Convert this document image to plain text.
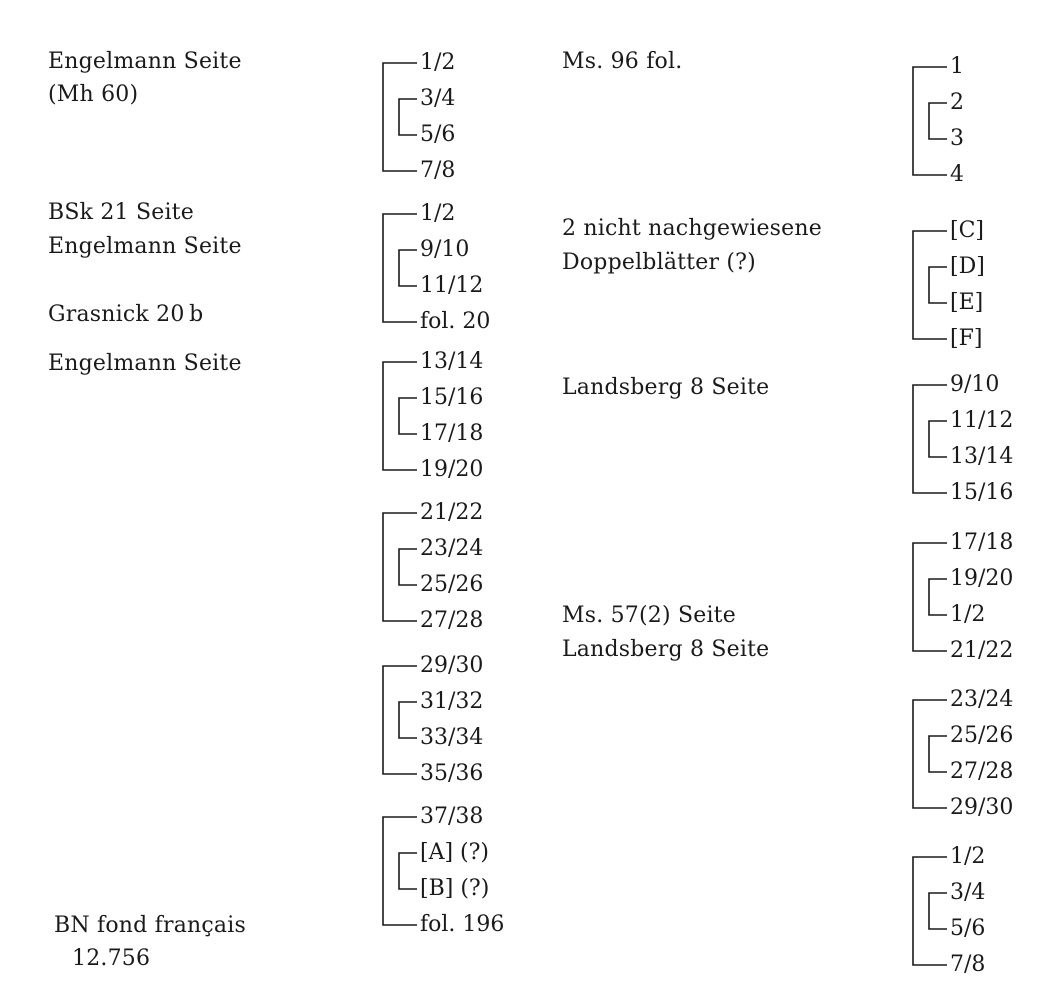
Engelmann Seite
(Mh 60)
BSk 21 Seite
Engelmann Seite
Grasnick 20 b
Engelmann Seite
BN fond français
12.756
Ms. 96 fol.
2 nicht nachgewiesene
Doppelblätter (?)
Landsberg 8 Seite
Ms. 57(2) Seite
Landsberg 8 Seite
1/2
3/4
5/6
7/8
1/2
9/10
11/12
fol. 20
13/14
15/16
17/18
19/20
21/22
23/24
25/26
27/28
29/30
31/32
33/34
35/36
37/38
[A] (?)
[B] (?)
fol. 196
1
2
3
4
[C]
[D]
[E]
[F]
9/10
11/12
13/14
15/16
17/18
19/20
1/2
21/22
23/24
25/26
27/28
29/30
1/2
3/4
5/6
7/8
